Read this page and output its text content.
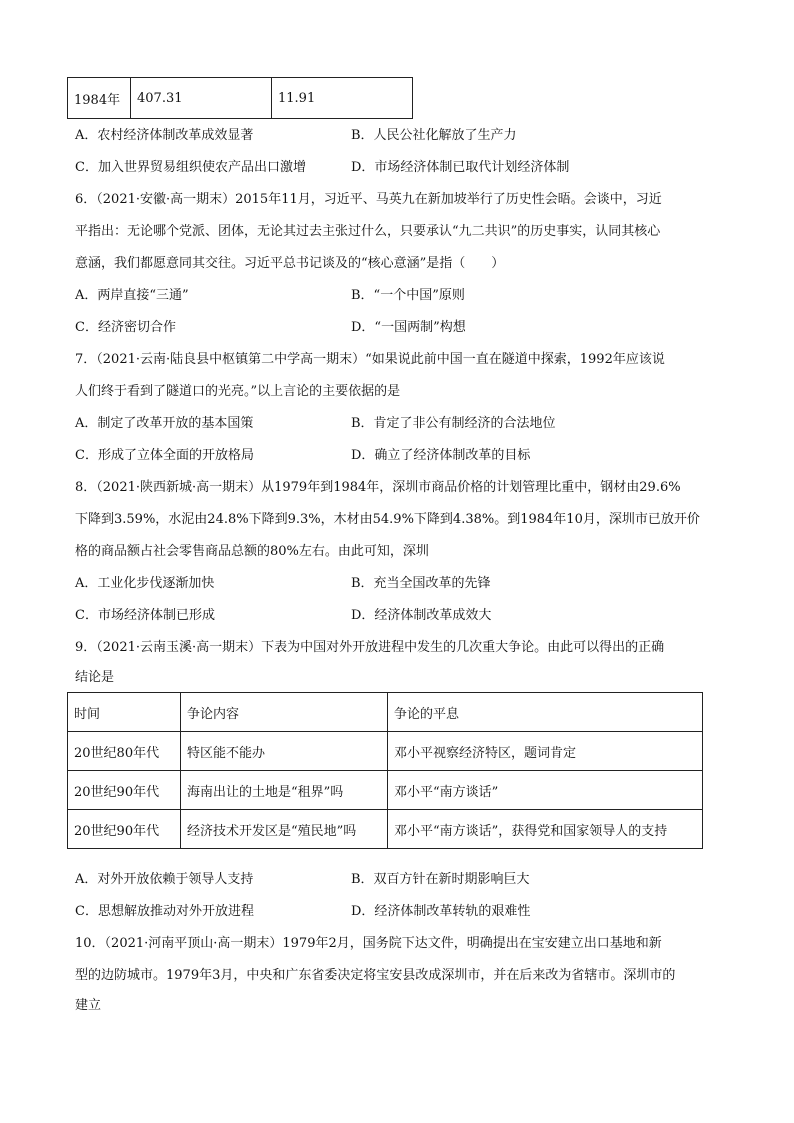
1984年	407.31	11.91
A．农村经济体制改革成效显著	B．人民公社化解放了生产力
C．加入世界贸易组织使农产品出口激增	D．市场经济体制已取代计划经济体制
6．（2021·安徽·高一期末）2015年11月，习近平、马英九在新加坡举行了历史性会晤。会谈中，习近
平指出：无论哪个党派、团体，无论其过去主张过什么，只要承认“九二共识”的历史事实，认同其核心
意涵，我们都愿意同其交往。习近平总书记谈及的“核心意涵”是指（　　）
A．两岸直接“三通”	B．“一个中国”原则
C．经济密切合作	D．“一国两制”构想
7．（2021·云南·陆良县中枢镇第二中学高一期末）“如果说此前中国一直在隧道中探索，1992年应该说
人们终于看到了隧道口的光亮。”以上言论的主要依据的是
A．制定了改革开放的基本国策	B．肯定了非公有制经济的合法地位
C．形成了立体全面的开放格局	D．确立了经济体制改革的目标
8．（2021·陕西新城·高一期末）从1979年到1984年，深圳市商品价格的计划管理比重中，钢材由29.6%
下降到3.59%，水泥由24.8%下降到9.3%，木材由54.9%下降到4.38%。到1984年10月，深圳市已放开价
格的商品额占社会零售商品总额的80%左右。由此可知，深圳
A．工业化步伐逐渐加快	B．充当全国改革的先锋
C．市场经济体制已形成	D．经济体制改革成效大
9．（2021·云南玉溪·高一期末）下表为中国对外开放进程中发生的几次重大争论。由此可以得出的正确
结论是
时间	争论内容	争论的平息
20世纪80年代	特区能不能办	邓小平视察经济特区，题词肯定
20世纪90年代	海南出让的土地是“租界”吗	邓小平“南方谈话”
20世纪90年代	经济技术开发区是“殖民地”吗	邓小平“南方谈话”，获得党和国家领导人的支持
A．对外开放依赖于领导人支持	B．双百方针在新时期影响巨大
C．思想解放推动对外开放进程	D．经济体制改革转轨的艰难性
10．（2021·河南平顶山·高一期末）1979年2月，国务院下达文件，明确提出在宝安建立出口基地和新
型的边防城市。1979年3月，中央和广东省委决定将宝安县改成深圳市，并在后来改为省辖市。深圳市的
建立
